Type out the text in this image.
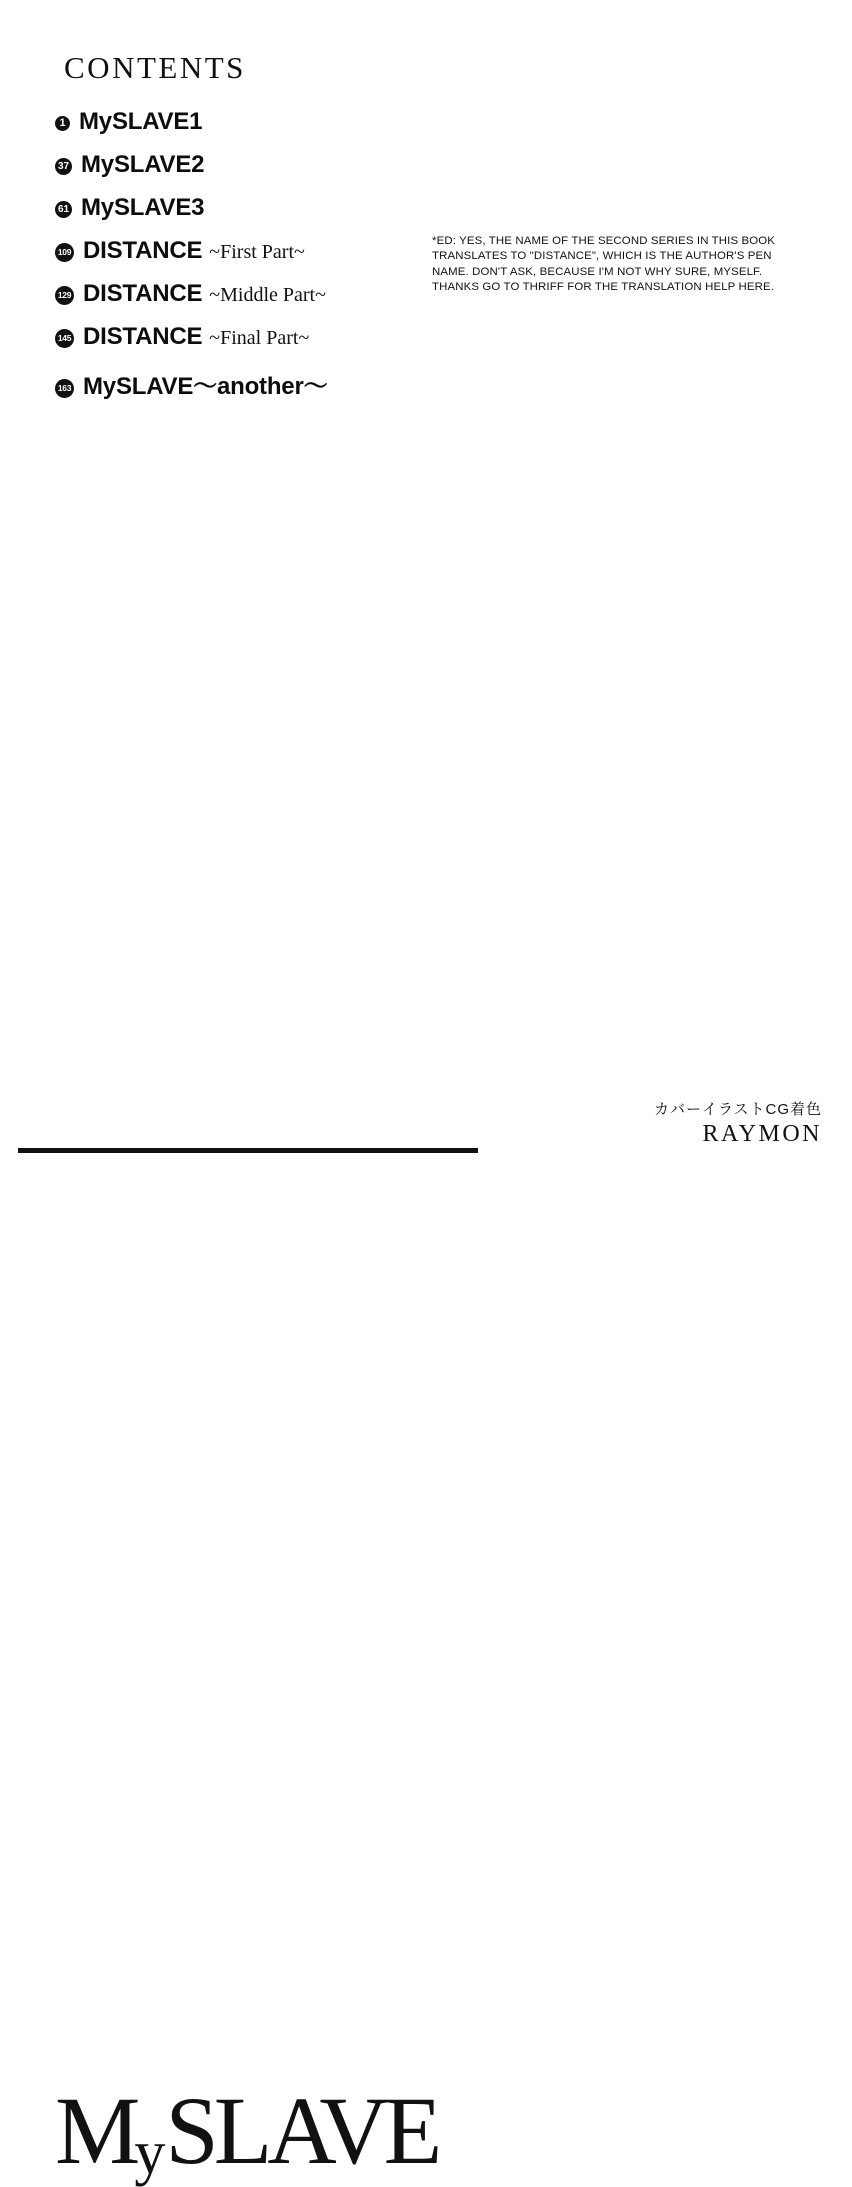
CONTENTS
1 MySLAVE1
37 MySLAVE2
61 MySLAVE3
109 DISTANCE ~First Part~
129 DISTANCE ~Middle Part~
145 DISTANCE ~Final Part~
163 MySLAVE〜another〜
*ED: YES, THE NAME OF THE SECOND SERIES IN THIS BOOK
TRANSLATES TO "DISTANCE", WHICH IS THE AUTHOR'S PEN
NAME. DON'T ASK, BECAUSE I'M NOT WHY SURE, MYSELF.
THANKS GO TO THRIFF FOR THE TRANSLATION HELP HERE.
MySLAVE
カバーイラストCG着色
RAYMON
